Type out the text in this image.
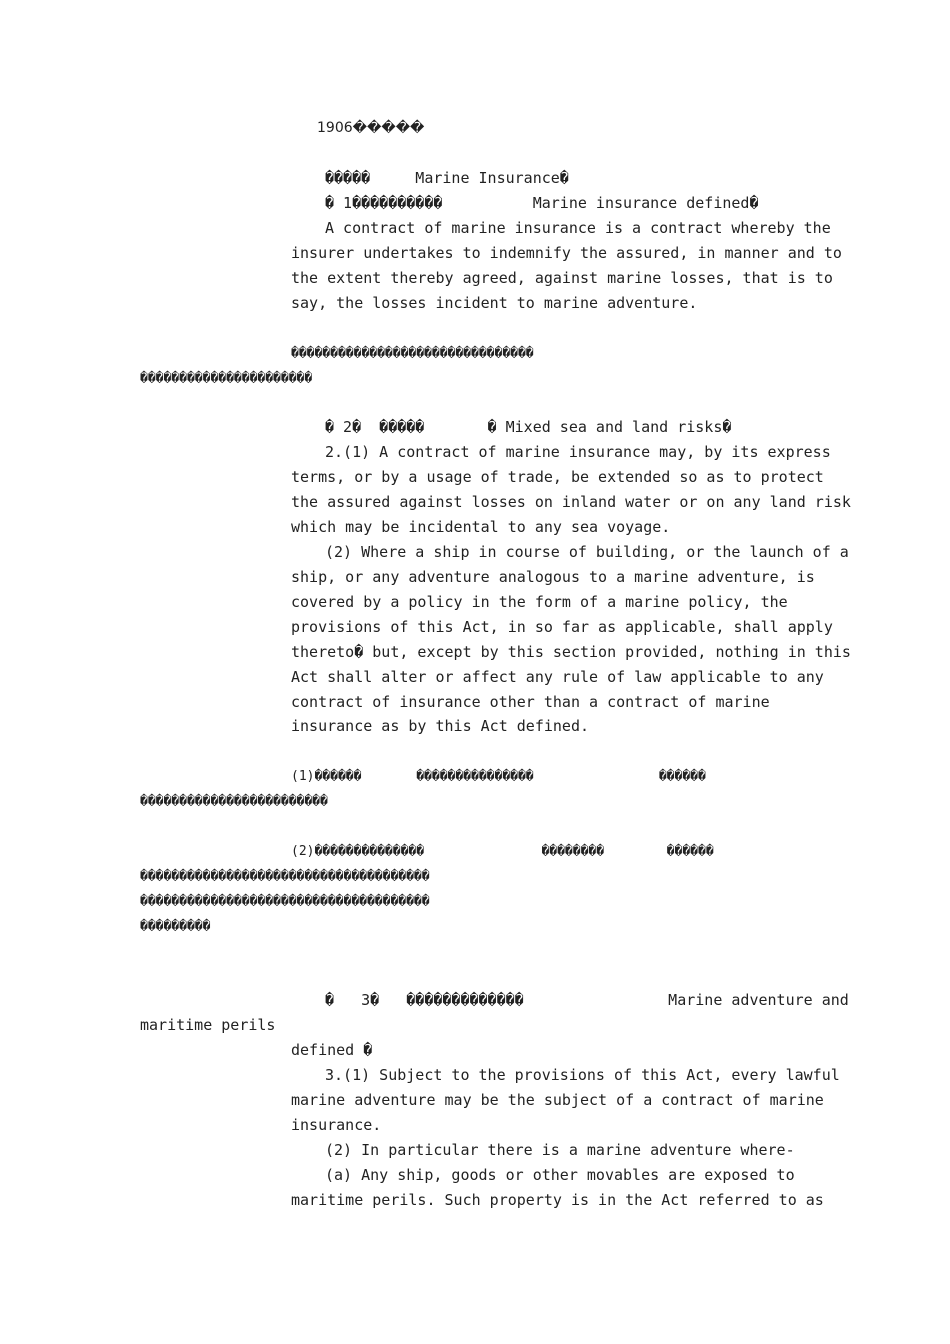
1906�����
�����     Marine Insurance�
� 1����������          Marine insurance defined�
A contract of marine insurance is a contract whereby the
insurer undertakes to indemnify the assured, in manner and to
the extent thereby agreed, against marine losses, that is to
say, the losses incident to marine adventure.
�������������������������������
����������������������
� 2�  �����       � Mixed sea and land risks�
2.(1) A contract of marine insurance may, by its express
terms, or by a usage of trade, be extended so as to protect
the assured against losses on inland water or on any land risk
which may be incidental to any sea voyage.
(2) Where a ship in course of building, or the launch of a
ship, or any adventure analogous to a marine adventure, is
covered by a policy in the form of a marine policy, the
provisions of this Act, in so far as applicable, shall apply
thereto� but, except by this section provided, nothing in this
Act shall alter or affect any rule of law applicable to any
contract of insurance other than a contract of marine
insurance as by this Act defined.
(1)������       ���������������                ������
������������������������
(2)��������������               ��������        ������
�������������������������������������
�������������������������������������
���������
�   3�   �������������                Marine adventure and
maritime perils
defined �
3.(1) Subject to the provisions of this Act, every lawful
marine adventure may be the subject of a contract of marine
insurance.
(2) In particular there is a marine adventure where-
(a) Any ship, goods or other movables are exposed to
maritime perils. Such property is in the Act referred to as
